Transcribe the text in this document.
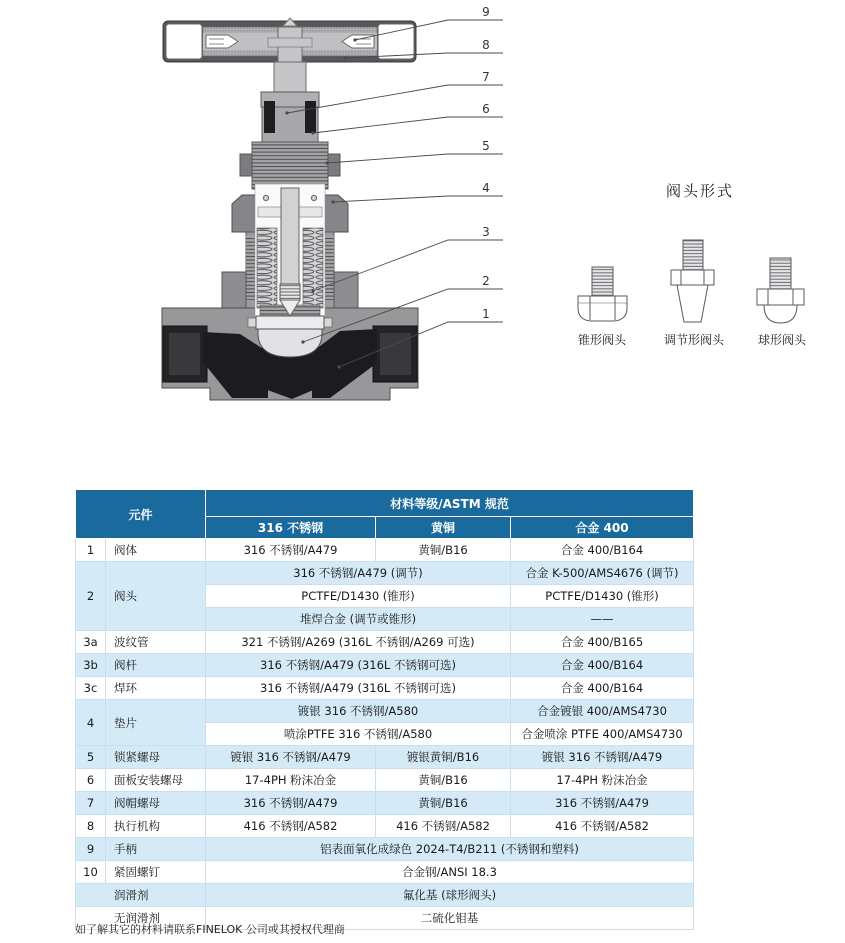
9
8
7
6
5
4
3
2
1
阀头形式
锥形阀头	调节形阀头	球形阀头
元件		材料等级/ASTM 规范		
		316 不锈钢	黄铜	合金 400
1	阀体	316 不锈钢/A479	黄铜/B16	合金 400/B164
2	阀头	316 不锈钢/A479 (调节)		合金 K-500/AMS4676 (调节)
		PCTFE/D1430 (锥形)		PCTFE/D1430 (锥形)
		堆焊合金 (调节或锥形)		——
3a	波纹管	321 不锈钢/A269 (316L 不锈钢/A269 可选)		合金 400/B165
3b	阀杆	316 不锈钢/A479 (316L 不锈钢可选)		合金 400/B164
3c	焊环	316 不锈钢/A479 (316L 不锈钢可选)		合金 400/B164
4	垫片	镀银 316 不锈钢/A580		合金镀银 400/AMS4730
		喷涂PTFE 316 不锈钢/A580		合金喷涂 PTFE 400/AMS4730
5	锁紧螺母	镀银 316 不锈钢/A479	镀银黄铜/B16	镀银 316 不锈钢/A479
6	面板安装螺母	17-4PH 粉沫冶金	黄铜/B16	17-4PH 粉沫冶金
7	阀帽螺母	316 不锈钢/A479	黄铜/B16	316 不锈钢/A479
8	执行机构	416 不锈钢/A582	416 不锈钢/A582	416 不锈钢/A582
9	手柄	铝表面氧化成绿色 2024-T4/B211 (不锈钢和塑料)		
10	紧固螺钉	合金钢/ANSI 18.3		
润滑剂		氟化基 (球形阀头)		
无润滑剂		二硫化钼基		
如了解其它的材料请联系FINELOK 公司或其授权代理商
